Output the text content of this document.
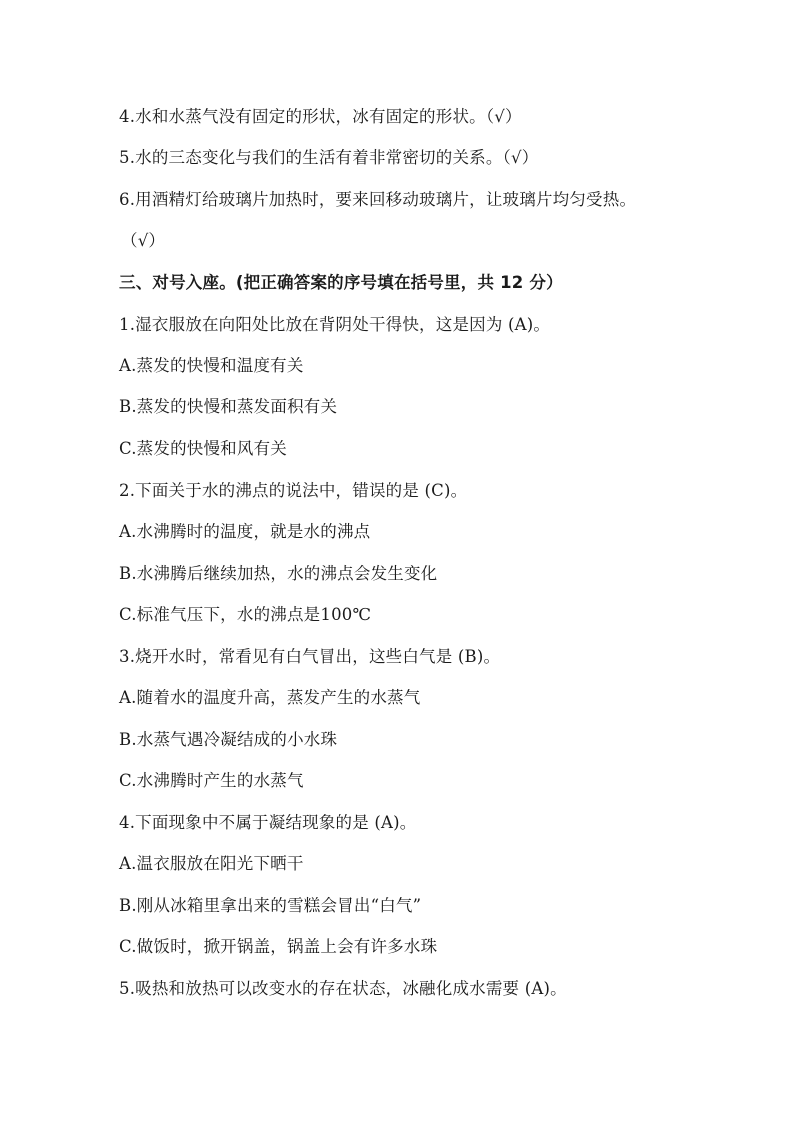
4.水和水蒸气没有固定的形状，冰有固定的形状。（√）
5.水的三态变化与我们的生活有着非常密切的关系。（√）
6.用酒精灯给玻璃片加热时，要来回移动玻璃片，让玻璃片均匀受热。
（√）
三、对号入座。(把正确答案的序号填在括号里，共 12 分）
1.湿衣服放在向阳处比放在背阴处干得快，这是因为 (A)。
A.蒸发的快慢和温度有关
B.蒸发的快慢和蒸发面积有关
C.蒸发的快慢和风有关
2.下面关于水的沸点的说法中，错误的是 (C)。
A.水沸腾时的温度，就是水的沸点
B.水沸腾后继续加热，水的沸点会发生变化
C.标准气压下，水的沸点是100℃
3.烧开水时，常看见有白气冒出，这些白气是 (B)。
A.随着水的温度升高，蒸发产生的水蒸气
B.水蒸气遇冷凝结成的小水珠
C.水沸腾时产生的水蒸气
4.下面现象中不属于凝结现象的是 (A)。
A.温衣服放在阳光下晒干
B.刚从冰箱里拿出来的雪糕会冒出“白气”
C.做饭时，掀开锅盖，锅盖上会有许多水珠
5.吸热和放热可以改变水的存在状态，冰融化成水需要 (A)。
